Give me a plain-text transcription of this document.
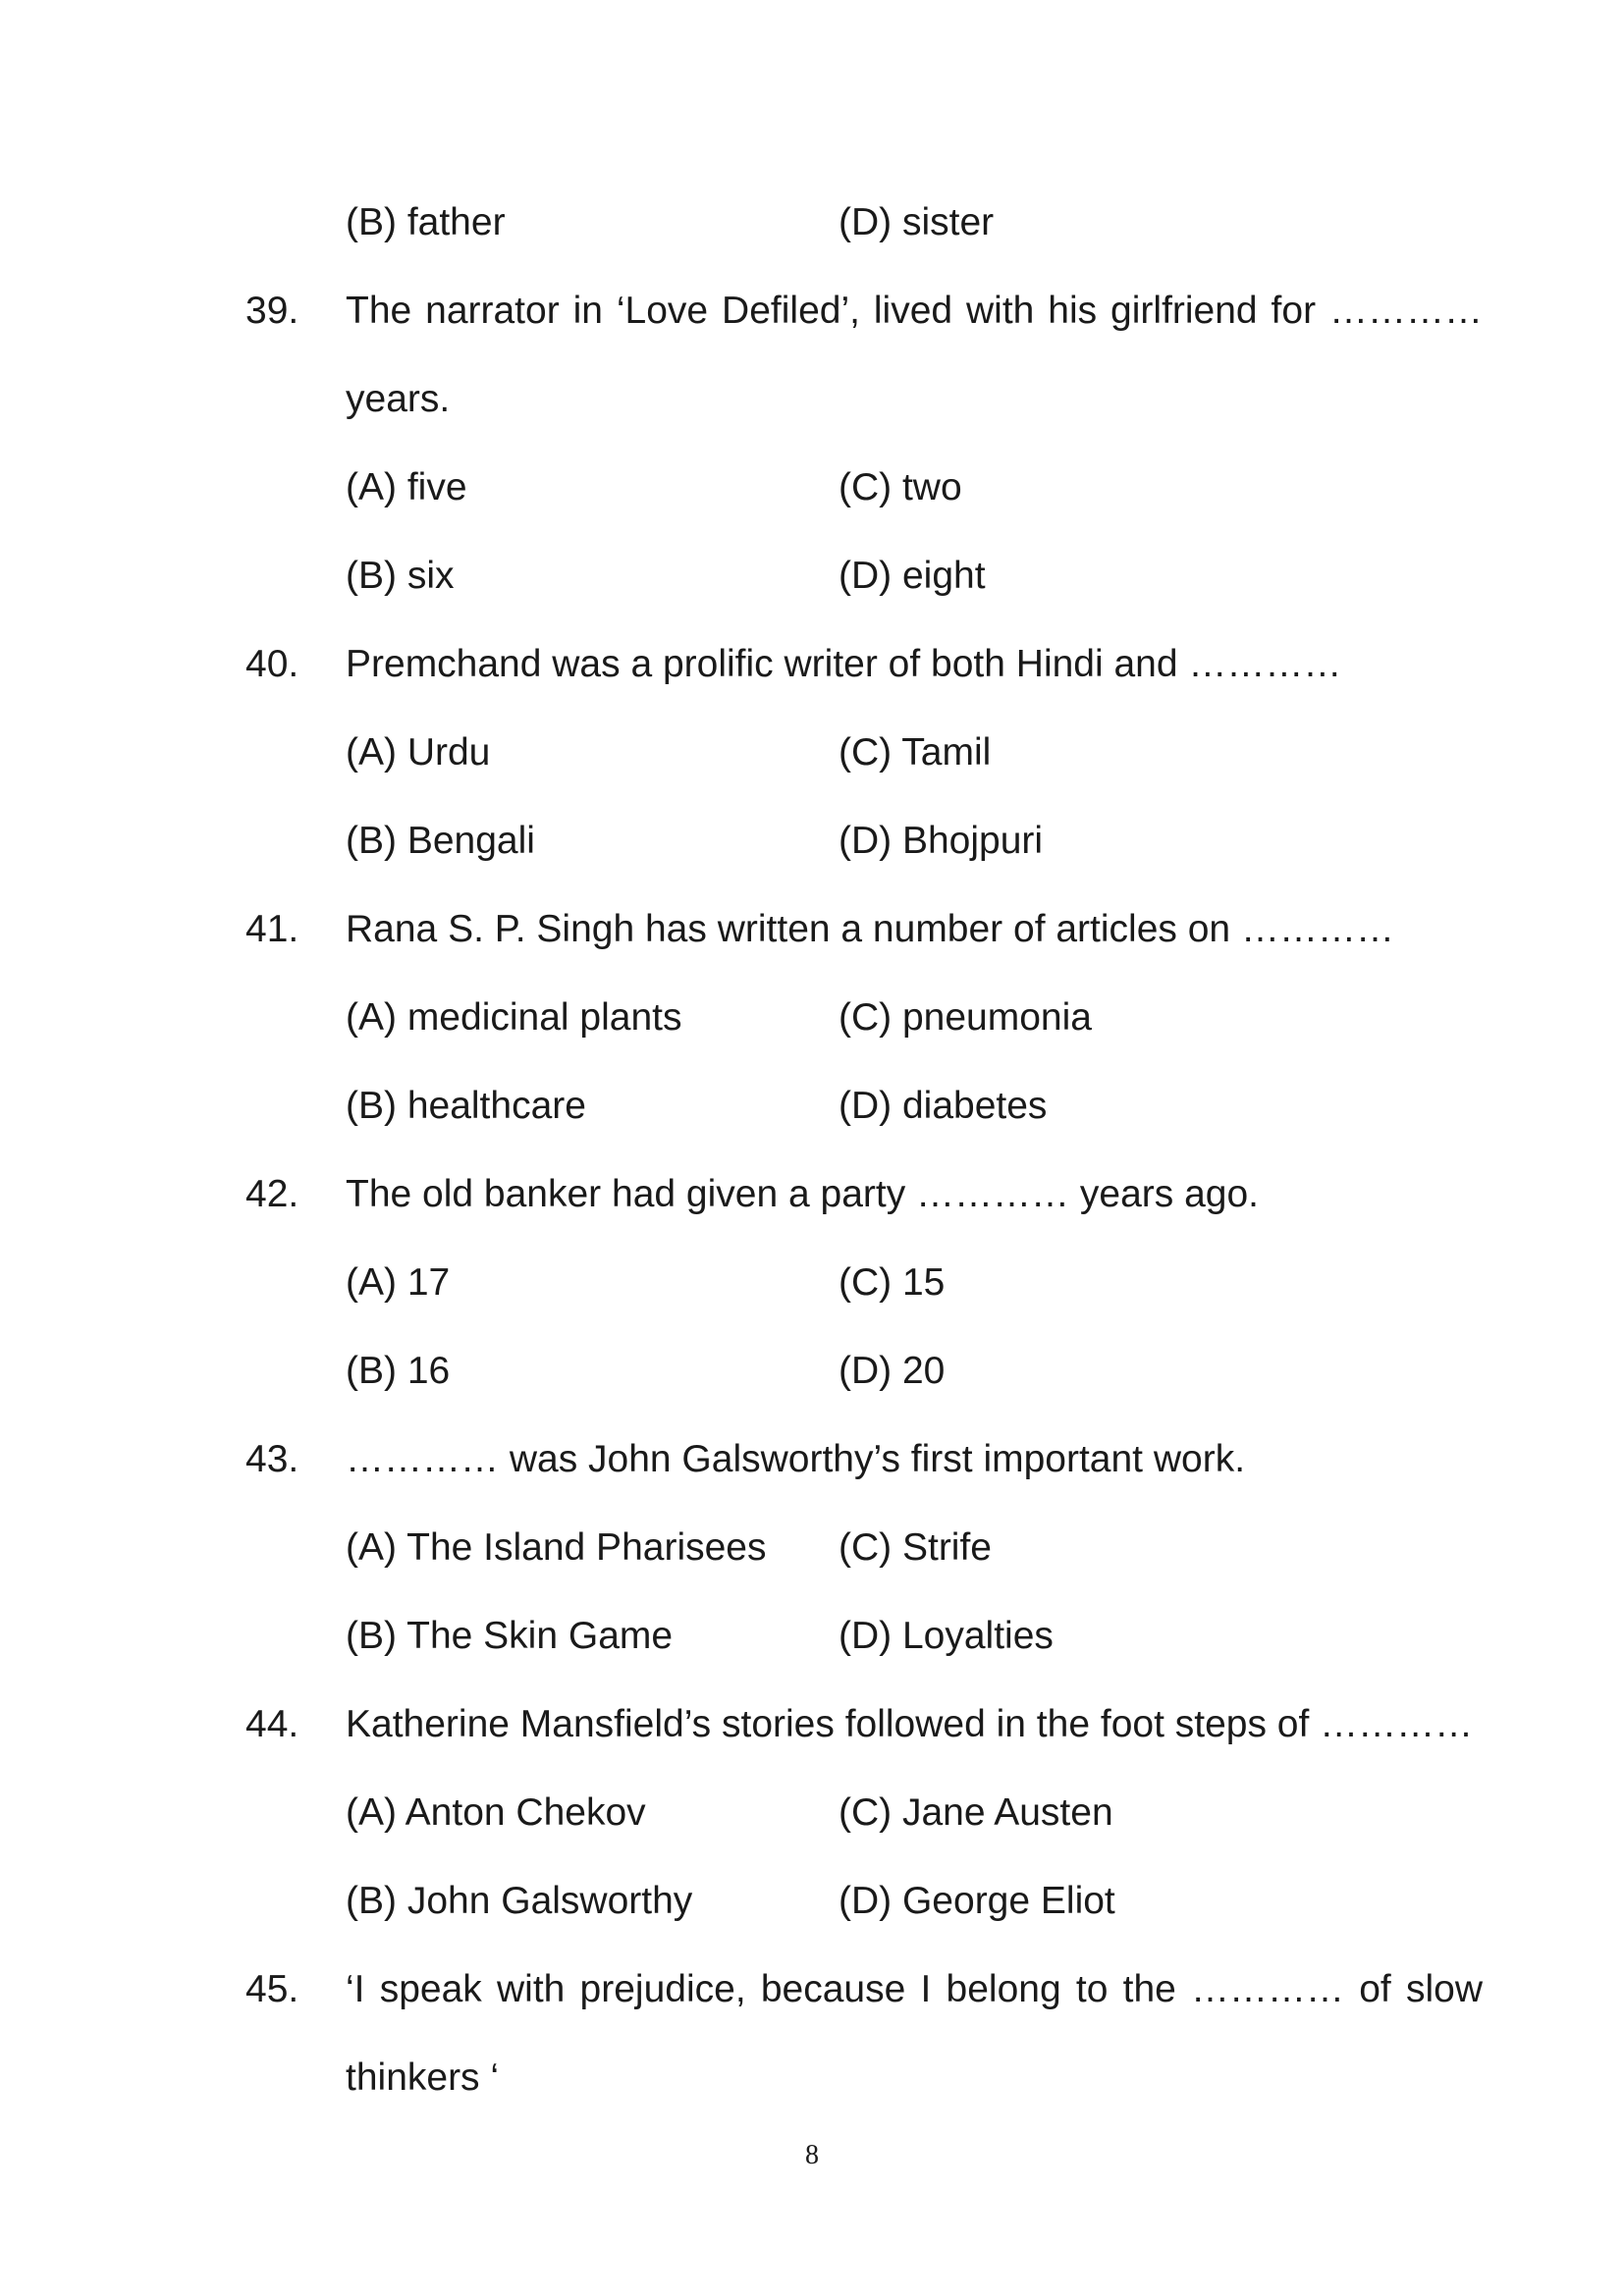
(B) father	(D) sister
39. The narrator in ‘Love Defiled’, lived with his girlfriend for …………
years.
(A) five	(C) two
(B) six	(D) eight
40. Premchand was a prolific writer of both Hindi and …………
(A) Urdu	(C) Tamil
(B) Bengali	(D) Bhojpuri
41. Rana S. P. Singh has written a number of articles on …………
(A) medicinal plants	(C) pneumonia
(B) healthcare	(D) diabetes
42. The old banker had given a party ………… years ago.
(A) 17	(C) 15
(B) 16	(D) 20
43. ………… was John Galsworthy’s first important work.
(A) The Island Pharisees (C) Strife
(B) The Skin Game	(D) Loyalties
44. Katherine Mansfield’s stories followed in the foot steps of …………
(A) Anton Chekov	(C) Jane Austen
(B) John Galsworthy	(D) George Eliot
45. ‘I speak with prejudice, because I belong to the ………… of slow
thinkers ‘
8
